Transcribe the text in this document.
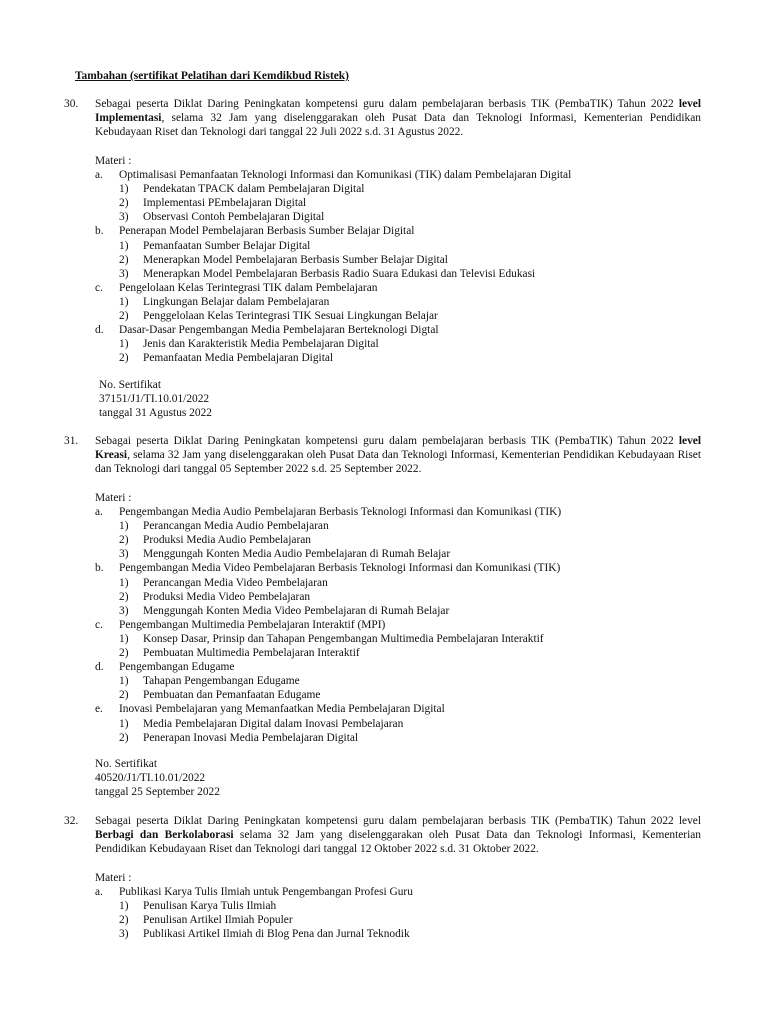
Tambahan (sertifikat Pelatihan dari Kemdikbud Ristek)
30. Sebagai peserta Diklat Daring Peningkatan kompetensi guru dalam pembelajaran berbasis TIK (PembaTIK) Tahun 2022 level Implementasi, selama 32 Jam yang diselenggarakan oleh Pusat Data dan Teknologi Informasi, Kementerian Pendidikan Kebudayaan Riset dan Teknologi dari tanggal 22 Juli 2022 s.d. 31 Agustus 2022.
Materi :
a. Optimalisasi Pemanfaatan Teknologi Informasi dan Komunikasi (TIK) dalam Pembelajaran Digital
1) Pendekatan TPACK dalam Pembelajaran Digital
2) Implementasi PEmbelajaran Digital
3) Observasi Contoh Pembelajaran Digital
b. Penerapan Model Pembelajaran Berbasis Sumber Belajar Digital
1) Pemanfaatan Sumber Belajar Digital
2) Menerapkan Model Pembelajaran Berbasis Sumber Belajar Digital
3) Menerapkan Model Pembelajaran Berbasis Radio Suara Edukasi dan Televisi Edukasi
c. Pengelolaan Kelas Terintegrasi TIK dalam Pembelajaran
1) Lingkungan Belajar dalam Pembelajaran
2) Penggelolaan Kelas Terintegrasi TIK Sesuai Lingkungan Belajar
d. Dasar-Dasar Pengembangan Media Pembelajaran Berteknologi Digtal
1) Jenis dan Karakteristik Media Pembelajaran Digital
2) Pemanfaatan Media Pembelajaran Digital
No. Sertifikat
37151/J1/TI.10.01/2022
tanggal 31 Agustus 2022
31. Sebagai peserta Diklat Daring Peningkatan kompetensi guru dalam pembelajaran berbasis TIK (PembaTIK) Tahun 2022 level Kreasi, selama 32 Jam yang diselenggarakan oleh Pusat Data dan Teknologi Informasi, Kementerian Pendidikan Kebudayaan Riset dan Teknologi dari tanggal 05 September 2022 s.d. 25 September 2022.
Materi :
a. Pengembangan Media Audio Pembelajaran Berbasis Teknologi Informasi dan Komunikasi (TIK)
1) Perancangan Media Audio Pembelajaran
2) Produksi Media Audio Pembelajaran
3) Menggungah Konten Media Audio Pembelajaran di Rumah Belajar
b. Pengembangan Media Video Pembelajaran Berbasis Teknologi Informasi dan Komunikasi (TIK)
1) Perancangan Media Video Pembelajaran
2) Produksi Media Video Pembelajaran
3) Menggungah Konten Media Video Pembelajaran di Rumah Belajar
c. Pengembangan Multimedia Pembelajaran Interaktif (MPI)
1) Konsep Dasar, Prinsip dan Tahapan Pengembangan Multimedia Pembelajaran Interaktif
2) Pembuatan Multimedia Pembelajaran Interaktif
d. Pengembangan Edugame
1) Tahapan Pengembangan Edugame
2) Pembuatan dan Pemanfaatan Edugame
e. Inovasi Pembelajaran yang Memanfaatkan Media Pembelajaran Digital
1) Media Pembelajaran Digital dalam Inovasi Pembelajaran
2) Penerapan Inovasi Media Pembelajaran Digital
No. Sertifikat
40520/J1/TI.10.01/2022
tanggal 25 September 2022
32. Sebagai peserta Diklat Daring Peningkatan kompetensi guru dalam pembelajaran berbasis TIK (PembaTIK) Tahun 2022 level Berbagi dan Berkolaborasi selama 32 Jam yang diselenggarakan oleh Pusat Data dan Teknologi Informasi, Kementerian Pendidikan Kebudayaan Riset dan Teknologi dari tanggal 12 Oktober 2022 s.d. 31 Oktober 2022.
Materi :
a. Publikasi Karya Tulis Ilmiah untuk Pengembangan Profesi Guru
1) Penulisan Karya Tulis Ilmiah
2) Penulisan Artikel Ilmiah Populer
3) Publikasi Artikel Ilmiah di Blog Pena dan Jurnal Teknodik
